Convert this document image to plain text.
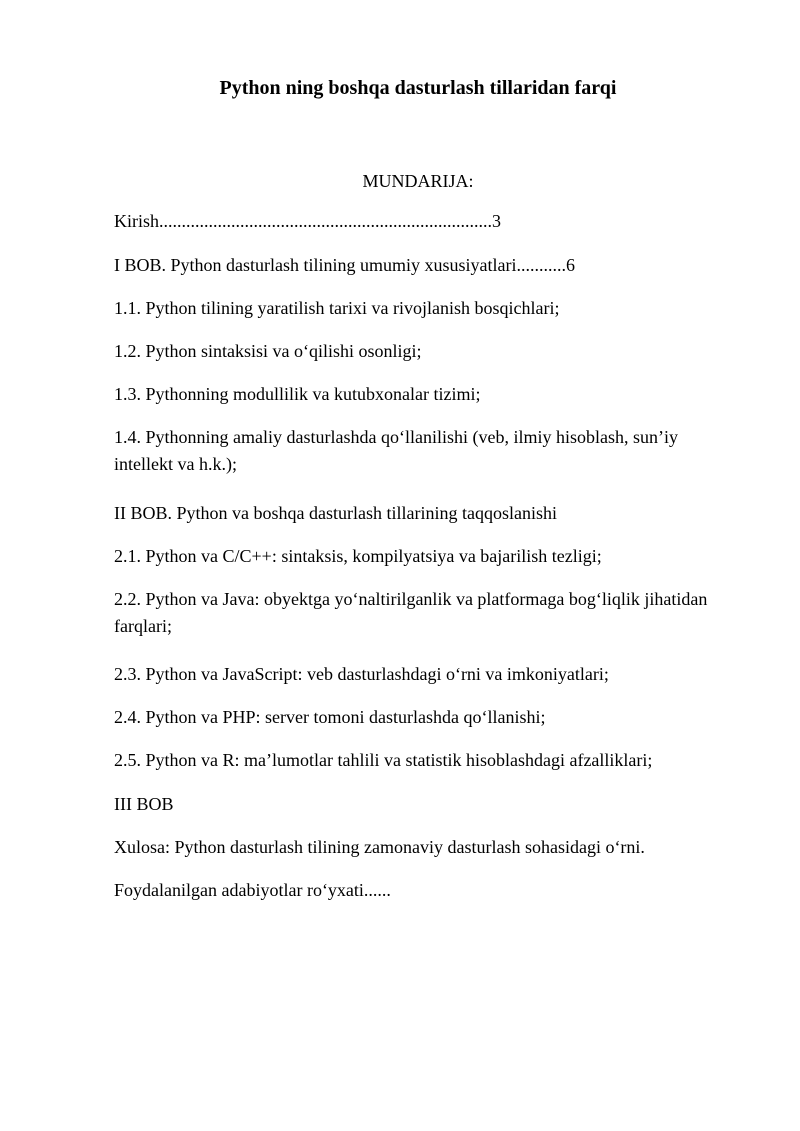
Python ning boshqa dasturlash tillaridan farqi
MUNDARIJA:
Kirish..........................................................................3
I BOB. Python dasturlash tilining umumiy xususiyatlari...........6
1.1. Python tilining yaratilish tarixi va rivojlanish bosqichlari;
1.2. Python sintaksisi va o‘qilishi osonligi;
1.3. Pythonning modullilik va kutubxonalar tizimi;
1.4. Pythonning amaliy dasturlashda qo‘llanilishi (veb, ilmiy hisoblash, sun’iy intellekt va h.k.);
II BOB. Python va boshqa dasturlash tillarining taqqoslanishi
2.1. Python va C/C++: sintaksis, kompilyatsiya va bajarilish tezligi;
2.2. Python va Java: obyektga yo‘naltirilganlik va platformaga bog‘liqlik jihatidan farqlari;
2.3. Python va JavaScript: veb dasturlashdagi o‘rni va imkoniyatlari;
2.4. Python va PHP: server tomoni dasturlashda qo‘llanishi;
2.5. Python va R: ma’lumotlar tahlili va statistik hisoblashdagi afzalliklari;
III BOB
Xulosa: Python dasturlash tilining zamonaviy dasturlash sohasidagi o‘rni.
Foydalanilgan adabiyotlar ro‘yxati......
